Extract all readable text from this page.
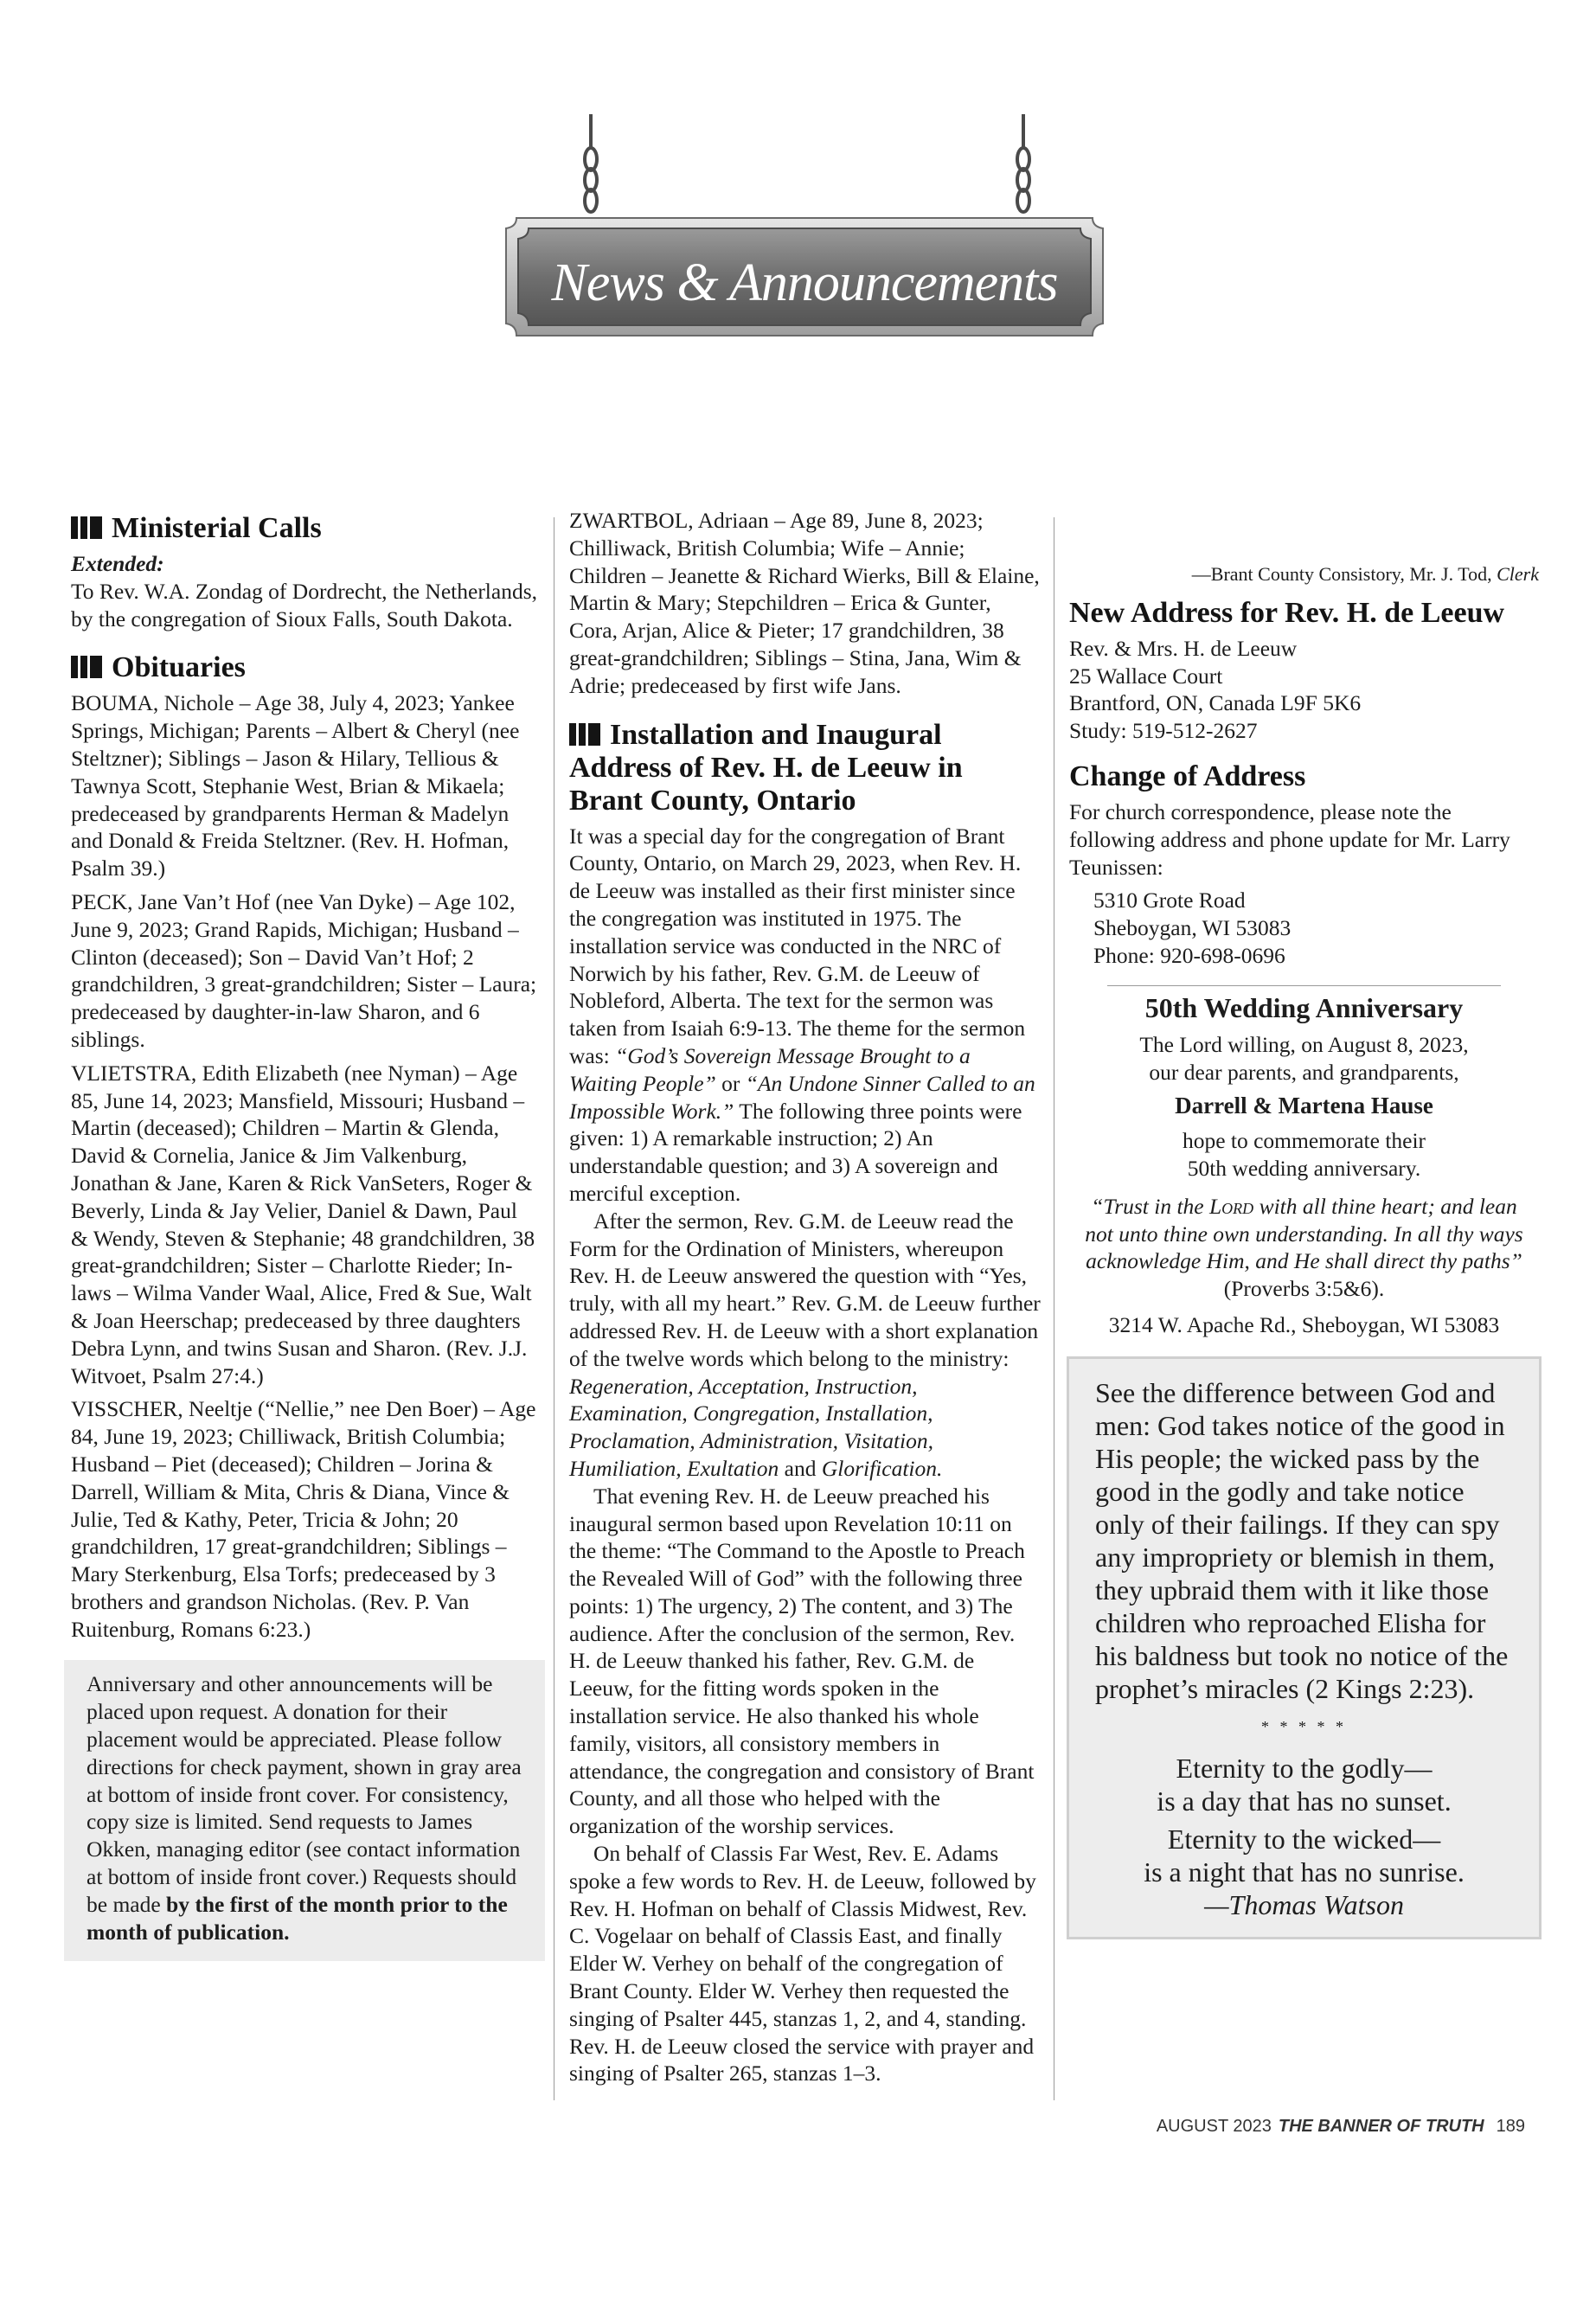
News & Announcements
Ministerial Calls

Extended:

To Rev. W.A. Zondag of Dordrecht, the Netherlands, by the congregation of Sioux Falls, South Dakota.

Obituaries

BOUMA, Nichole – Age 38, July 4, 2023; Yankee Springs, Michigan; Parents – Albert & Cheryl (nee Steltzner); Siblings – Jason & Hilary, Tellious & Tawnya Scott, Stephanie West, Brian & Mikaela; predeceased by grandparents Herman & Madelyn and Donald & Freida Steltzner. (Rev. H. Hofman, Psalm 39.)

PECK, Jane Van’t Hof (nee Van Dyke) – Age 102, June 9, 2023; Grand Rapids, Michigan; Husband – Clinton (deceased); Son – David Van’t Hof; 2 grandchildren, 3 great-grandchildren; Sister – Laura; predeceased by daughter-in-law Sharon, and 6 siblings.

VLIETSTRA, Edith Elizabeth (nee Nyman) – Age 85, June 14, 2023; Mansfield, Missouri; Husband – Martin (deceased); Children – Martin & Glenda, David & Cornelia, Janice & Jim Valkenburg, Jonathan & Jane, Karen & Rick VanSeters, Roger & Beverly, Linda & Jay Velier, Daniel & Dawn, Paul & Wendy, Steven & Stephanie; 48 grandchildren, 38 great-grandchildren; Sister – Charlotte Rieder; In-laws – Wilma Vander Waal, Alice, Fred & Sue, Walt & Joan Heerschap; predeceased by three daughters Debra Lynn, and twins Susan and Sharon. (Rev. J.J. Witvoet, Psalm 27:4.)

VISSCHER, Neeltje (“Nellie,” nee Den Boer) – Age 84, June 19, 2023; Chilliwack, British Columbia; Husband – Piet (deceased); Children – Jorina & Darrell, William & Mita, Chris & Diana, Vince & Julie, Ted & Kathy, Peter, Tricia & John; 20 grandchildren, 17 great-grandchildren; Siblings – Mary Sterkenburg, Elsa Torfs; predeceased by 3 brothers and grandson Nicholas. (Rev. P. Van Ruitenburg, Romans 6:23.)

Anniversary and other announcements will be placed upon request. A donation for their placement would be appreciated. Please follow directions for check payment, shown in gray area at bottom of inside front cover. For consistency, copy size is limited. Send requests to James Okken, managing editor (see contact information at bottom of inside front cover.) Requests should be made by the first of the month prior to the month of publication.

ZWARTBOL, Adriaan – Age 89, June 8, 2023; Chilliwack, British Columbia; Wife – Annie; Children – Jeanette & Richard Wierks, Bill & Elaine, Martin & Mary; Stepchildren – Erica & Gunter, Cora, Arjan, Alice & Pieter; 17 grandchildren, 38 great-grandchildren; Siblings – Stina, Jana, Wim & Adrie; predeceased by first wife Jans.

Installation and Inaugural Address of Rev. H. de Leeuw in Brant County, Ontario

It was a special day for the congregation of Brant County, Ontario, on March 29, 2023, when Rev. H. de Leeuw was installed as their first minister since the congregation was instituted in 1975. The installation service was conducted in the NRC of Norwich by his father, Rev. G.M. de Leeuw of Nobleford, Alberta. The text for the sermon was taken from Isaiah 6:9-13. The theme for the sermon was: “God’s Sovereign Message Brought to a Waiting People” or “An Undone Sinner Called to an Impossible Work.” The following three points were given: 1) A remarkable instruction; 2) An understandable question; and 3) A sovereign and merciful exception.

After the sermon, Rev. G.M. de Leeuw read the Form for the Ordination of Ministers, whereupon Rev. H. de Leeuw answered the question with “Yes, truly, with all my heart.” Rev. G.M. de Leeuw further addressed Rev. H. de Leeuw with a short explanation of the twelve words which belong to the ministry: Regeneration, Acceptation, Instruction, Examination, Congregation, Installation, Proclamation, Administration, Visitation, Humiliation, Exultation and Glorification.

That evening Rev. H. de Leeuw preached his inaugural sermon based upon Revelation 10:11 on the theme: “The Command to the Apostle to Preach the Revealed Will of God” with the following three points: 1) The urgency, 2) The content, and 3) The audience. After the conclusion of the sermon, Rev. H. de Leeuw thanked his father, Rev. G.M. de Leeuw, for the fitting words spoken in the installation service. He also thanked his whole family, visitors, all consistory members in attendance, the congregation and consistory of Brant County, and all those who helped with the organization of the worship services.

On behalf of Classis Far West, Rev. E. Adams spoke a few words to Rev. H. de Leeuw, followed by Rev. H. Hofman on behalf of Classis Midwest, Rev. C. Vogelaar on behalf of Classis East, and finally Elder W. Verhey on behalf of the congregation of Brant County. Elder W. Verhey then requested the singing of Psalter 445, stanzas 1, 2, and 4, standing. Rev. H. de Leeuw closed the service with prayer and singing of Psalter 265, stanzas 1–3.

—Brant County Consistory, Mr. J. Tod, Clerk

New Address for Rev. H. de Leeuw

Rev. & Mrs. H. de Leeuw

25 Wallace Court

Brantford, ON, Canada L9F 5K6

Study: 519-512-2627

Change of Address

For church correspondence, please note the following address and phone update for Mr. Larry Teunissen:

5310 Grote Road

Sheboygan, WI 53083

Phone: 920-698-0696

50th Wedding Anniversary

The Lord willing, on August 8, 2023,

our dear parents, and grandparents,

Darrell & Martena Hause

hope to commemorate their

50th wedding anniversary.

“Trust in the Lord with all thine heart; and lean not unto thine own understanding. In all thy ways acknowledge Him, and He shall direct thy paths” (Proverbs 3:5&6).

3214 W. Apache Rd., Sheboygan, WI 53083

See the difference between God and men: God takes notice of the good in His people; the wicked pass by the good in the godly and take notice only of their failings. If they can spy any impropriety or blemish in them, they upbraid them with it like those children who reproached Elisha for his baldness but took no notice of the prophet’s miracles (2 Kings 2:23).

* * * * *
Eternity to the godly—
is a day that has no sunset.
Eternity to the wicked—
is a night that has no sunrise.
—Thomas Watson
AUGUST 2023 THE BANNER OF TRUTH 189
